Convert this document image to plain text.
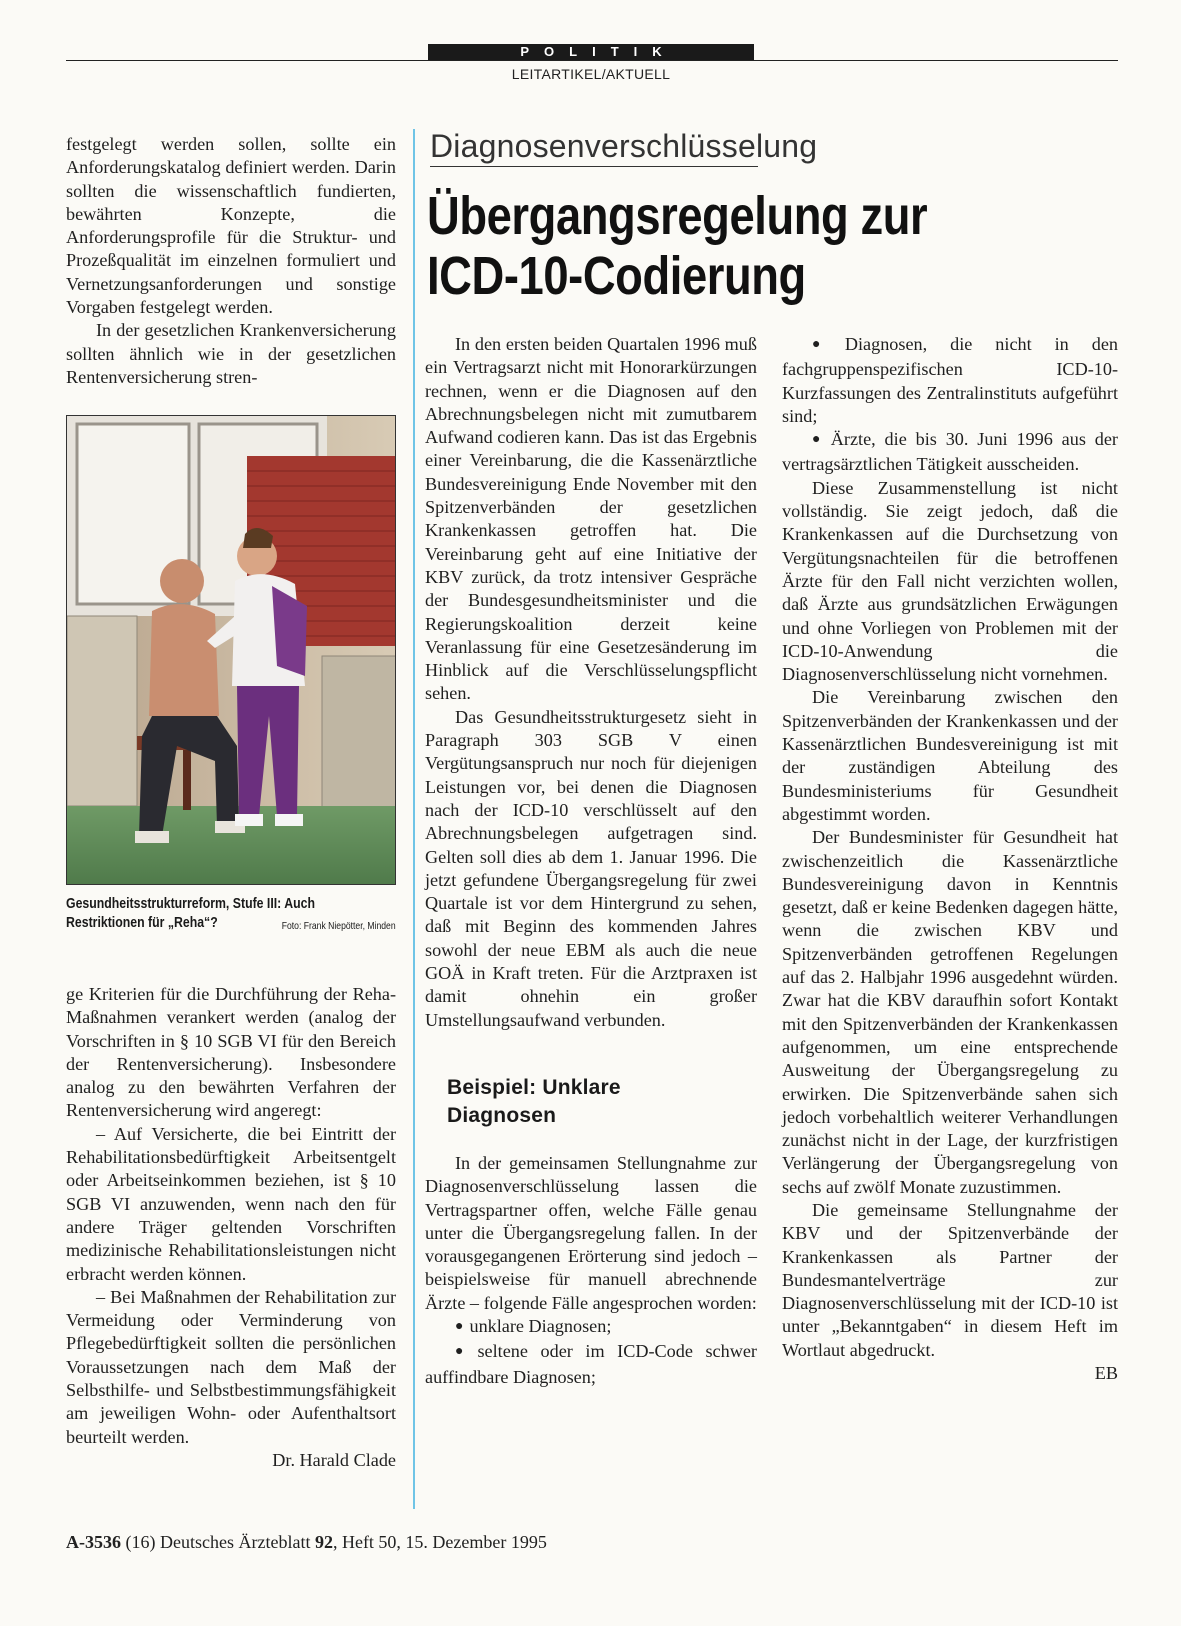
POLITIK
LEITARTIKEL/AKTUELL

festgelegt werden sollen, sollte ein Anforderungskatalog definiert werden. Darin sollten die wissenschaftlich fundierten, bewährten Konzepte, die Anforderungsprofile für die Struktur- und Prozeßqualität im einzelnen formuliert und Vernetzungsanforderungen und sonstige Vorgaben festgelegt werden.

In der gesetzlichen Krankenversicherung sollten ähnlich wie in der gesetzlichen Rentenversicherung stren-

Gesundheitsstrukturreform, Stufe III: Auch Restriktionen für „Reha“?	Foto: Frank Niepötter, Minden

ge Kriterien für die Durchführung der Reha-Maßnahmen verankert werden (analog der Vorschriften in § 10 SGB VI für den Bereich der Rentenversicherung). Insbesondere analog zu den bewährten Verfahren der Rentenversicherung wird angeregt:

– Auf Versicherte, die bei Eintritt der Rehabilitationsbedürftigkeit Arbeitsentgelt oder Arbeitseinkommen beziehen, ist § 10 SGB VI anzuwenden, wenn nach den für andere Träger geltenden Vorschriften medizinische Rehabilitationsleistungen nicht erbracht werden können.

– Bei Maßnahmen der Rehabilitation zur Vermeidung oder Verminderung von Pflegebedürftigkeit sollten die persönlichen Voraussetzungen nach dem Maß der Selbsthilfe- und Selbstbestimmungsfähigkeit am jeweiligen Wohn- oder Aufenthaltsort beurteilt werden.

Dr. Harald Clade

Diagnosenverschlüsselung
Übergangsregelung zur
ICD-10-Codierung

In den ersten beiden Quartalen 1996 muß ein Vertragsarzt nicht mit Honorarkürzungen rechnen, wenn er die Diagnosen auf den Abrechnungsbelegen nicht mit zumutbarem Aufwand codieren kann. Das ist das Ergebnis einer Vereinbarung, die die Kassenärztliche Bundesvereinigung Ende November mit den Spitzenverbänden der gesetzlichen Krankenkassen getroffen hat. Die Vereinbarung geht auf eine Initiative der KBV zurück, da trotz intensiver Gespräche der Bundesgesundheitsminister und die Regierungskoalition derzeit keine Veranlassung für eine Gesetzesänderung im Hinblick auf die Verschlüsselungspflicht sehen.

Das Gesundheitsstrukturgesetz sieht in Paragraph 303 SGB V einen Vergütungsanspruch nur noch für diejenigen Leistungen vor, bei denen die Diagnosen nach der ICD-10 verschlüsselt auf den Abrechnungsbelegen aufgetragen sind. Gelten soll dies ab dem 1. Januar 1996. Die jetzt gefundene Übergangsregelung für zwei Quartale ist vor dem Hintergrund zu sehen, daß mit Beginn des kommenden Jahres sowohl der neue EBM als auch die neue GOÄ in Kraft treten. Für die Arztpraxen ist damit ohnehin ein großer Umstellungsaufwand verbunden.

Beispiel: Unklare
Diagnosen

In der gemeinsamen Stellungnahme zur Diagnosenverschlüsselung lassen die Vertragspartner offen, welche Fälle genau unter die Übergangsregelung fallen. In der vorausgegangenen Erörterung sind jedoch – beispielsweise für manuell abrechnende Ärzte – folgende Fälle angesprochen worden:

● unklare Diagnosen;

● seltene oder im ICD-Code schwer auffindbare Diagnosen;

● Diagnosen, die nicht in den fachgruppenspezifischen ICD-10-Kurzfassungen des Zentralinstituts aufgeführt sind;

● Ärzte, die bis 30. Juni 1996 aus der vertragsärztlichen Tätigkeit ausscheiden.

Diese Zusammenstellung ist nicht vollständig. Sie zeigt jedoch, daß die Krankenkassen auf die Durchsetzung von Vergütungsnachteilen für die betroffenen Ärzte für den Fall nicht verzichten wollen, daß Ärzte aus grundsätzlichen Erwägungen und ohne Vorliegen von Problemen mit der ICD-10-Anwendung die Diagnosenverschlüsselung nicht vornehmen.

Die Vereinbarung zwischen den Spitzenverbänden der Krankenkassen und der Kassenärztlichen Bundesvereinigung ist mit der zuständigen Abteilung des Bundesministeriums für Gesundheit abgestimmt worden.

Der Bundesminister für Gesundheit hat zwischenzeitlich die Kassenärztliche Bundesvereinigung davon in Kenntnis gesetzt, daß er keine Bedenken dagegen hätte, wenn die zwischen KBV und Spitzenverbänden getroffenen Regelungen auf das 2. Halbjahr 1996 ausgedehnt würden. Zwar hat die KBV daraufhin sofort Kontakt mit den Spitzenverbänden der Krankenkassen aufgenommen, um eine entsprechende Ausweitung der Übergangsregelung zu erwirken. Die Spitzenverbände sahen sich jedoch vorbehaltlich weiterer Verhandlungen zunächst nicht in der Lage, der kurzfristigen Verlängerung der Übergangsregelung von sechs auf zwölf Monate zuzustimmen.

Die gemeinsame Stellungnahme der KBV und der Spitzenverbände der Krankenkassen als Partner der Bundesmantelverträge zur Diagnosenverschlüsselung mit der ICD-10 ist unter „Bekanntgaben“ in diesem Heft im Wortlaut abgedruckt.

EB
A-3536 (16) Deutsches Ärzteblatt 92, Heft 50, 15. Dezember 1995
